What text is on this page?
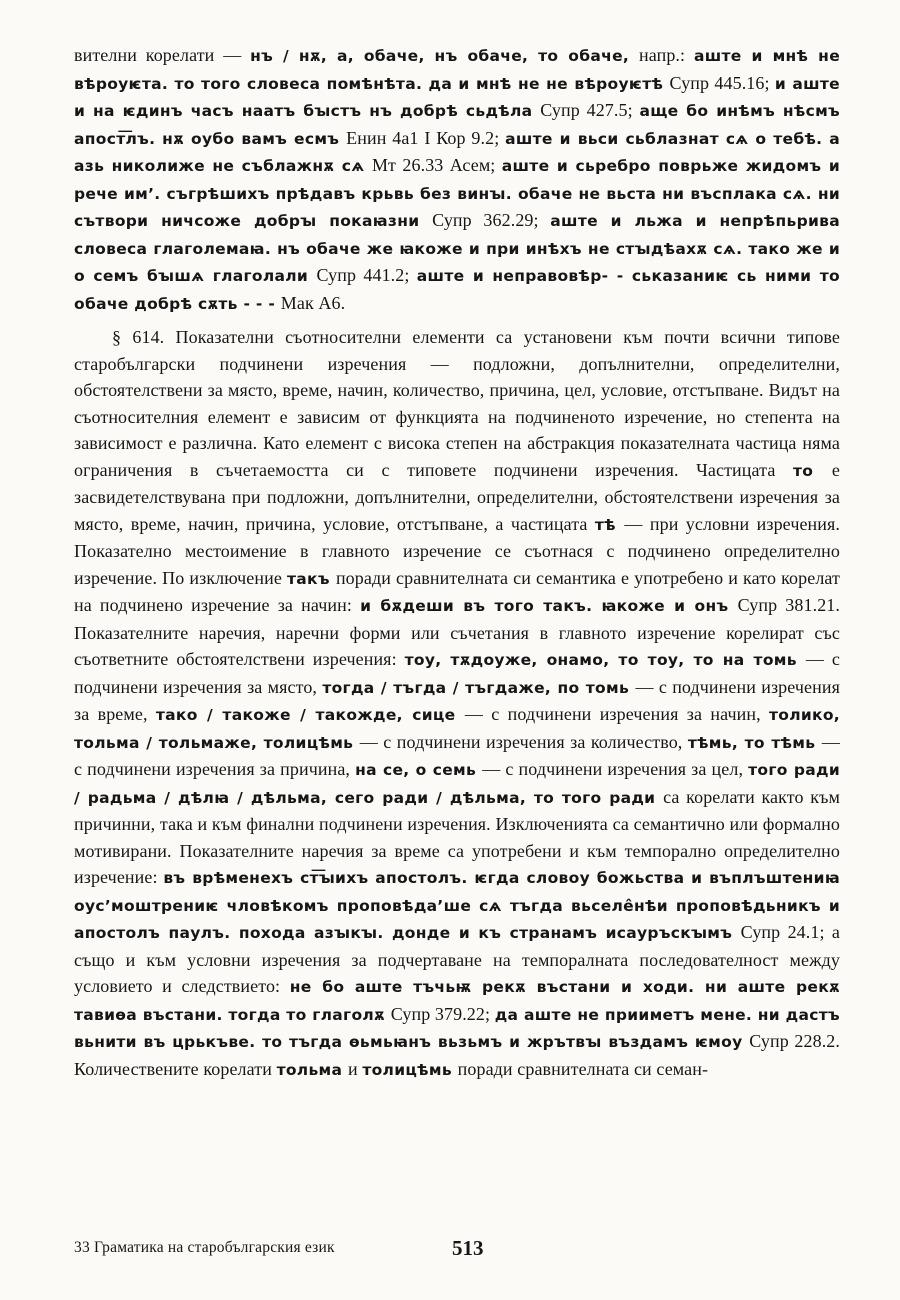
вителни корелати — нъ / нѫ, а, обаче, нъ обаче, то обаче, напр.: аште и мнѣ не вѣроуѥта. то того словеса помѣнѣта. да и мнѣ не не вѣроуѥтѣ Супр 445.16; и аште и на ѥдинъ часъ наатъ бꙑстъ нъ добрѣ сьдѣла Супр 427.5; аще бо инѣмъ нѣсмъ апост͞лъ. нѫ оубо вамъ есмъ Енин 4а1 I Кор 9.2; аште и вьси сьблазнат сѧ о тебѣ. а азь николиже не съблажнѫ сѧ Мт 26.33 Асем; аште и сьребро поврьже жидомъ и рече им’. съгрѣшихъ прѣдавъ крьвь без винꙑ. обаче не вьста ни въсплака сѧ. ни сътвори ничсоже добрꙑ покаꙗзни Супр 362.29; аште и льжа и непрѣпьрива словеса глаголемаꙗ. нъ обаче же ꙗкоже и при инѣхъ не стꙑдѣахѫ сѧ. тако же и о семъ бꙑшѧ глаголали Супр 441.2; аште и неправовѣр- - ськазаниѥ сь ними то обаче добрѣ сѫть - - - Мак А6.

§ 614. Показателни съотносителни елементи са установени към почти всични типове старобългарски подчинени изречения — подложни, допълнителни, определителни, обстоятелствени за място, време, начин, количество, причина, цел, условие, отстъпване. Видът на съотносителния елемент е зависим от функцията на подчиненото изречение, но степента на зависимост е различна. Като елемент с висока степен на абстракция показателната частица няма ограничения в съчетаемостта си с типовете подчинени изречения. Частицата то е засвидетелствувана при подложни, допълнителни, определителни, обстоятелствени изречения за място, време, начин, причина, условие, отстъпване, а частицата тѣ — при условни изречения. Показателно местоимение в главното изречение се съотнася с подчинено определително изречение. По изключение такъ поради сравнителната си семантика е употребено и като корелат на подчинено изречение за начин: и бѫдеши въ того такъ. ꙗкоже и онъ Супр 381.21. Показателните наречия, наречни форми или съчетания в главното изречение корелират със съответните обстоятелствени изречения: тоу, тѫдоуже, онамо, то тоу, то на томь — с подчинени изречения за място, тогда / тъгда / тъгдаже, по томь — с подчинени изречения за време, тако / такоже / такожде, сице — с подчинени изречения за начин, толико, тольма / тольмаже, толицѣмь — с подчинени изречения за количество, тѣмь, то тѣмь — с подчинени изречения за причина, на се, о семь — с подчинени изречения за цел, того ради / радьма / дѣлꙗ / дѣльма, сего ради / дѣльма, то того ради са корелати както към причинни, така и към финални подчинени изречения. Изключенията са семантично или формално мотивирани. Показателните наречия за време са употребени и към темпорално определително изречение: въ врѣменехъ ст͞ꙑихъ апостолъ. ѥгда словоу божьства и въплъштениꙗ оус’моштрениѥ чловѣкомъ проповѣда’ше сѧ тъгда вьселе̂нѣи проповѣдьникъ и апостолъ паулъ. похода азꙑкꙑ. донде и къ странамъ исауръскꙑмъ Супр 24.1; а също и към условни изречения за подчертаване на темпоралната последователност между условието и следствието: не бо аште тъчьѭ рекѫ въстани и ходи. ни аште рекѫ тавиѳа въстани. тогда то глаголѫ Супр 379.22; да аште не прииметъ мене. ни дастъ вьнити въ црькъве. то тъгда ѳьмьꙗнъ вьзьмъ и жрътвꙑ въздамъ ѥмоу Супр 228.2. Количествените корелати тольма и толицѣмь поради сравнителната си семан-

33 Граматика на старобългарския език	513
